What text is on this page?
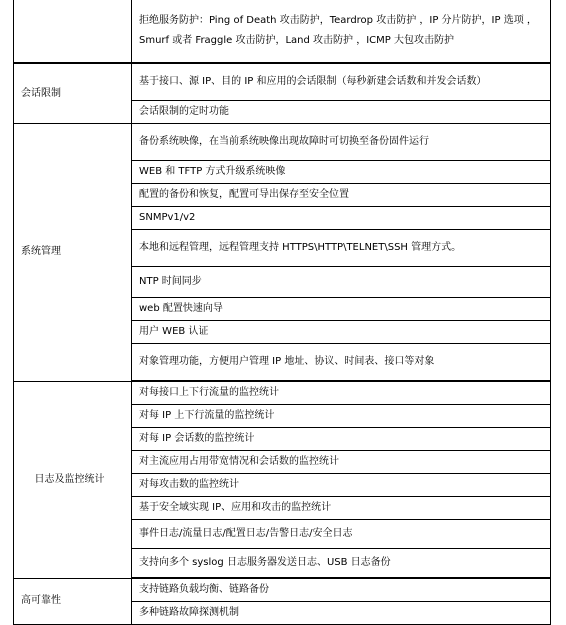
	拒绝服务防护：Ping of Death 攻击防护，Teardrop 攻击防护 ，IP 分片防护，IP 选项 ，Smurf 或者 Fraggle 攻击防护，Land 攻击防护 ，ICMP 大包攻击防护
会话限制	基于接口、源 IP、目的 IP 和应用的会话限制（每秒新建会话数和并发会话数）
	会话限制的定时功能
系统管理	备份系统映像，在当前系统映像出现故障时可切换至备份固件运行
	WEB 和 TFTP 方式升级系统映像
	配置的备份和恢复，配置可导出保存至安全位置
	SNMPv1/v2
	本地和远程管理，远程管理支持 HTTPS\HTTP\TELNET\SSH 管理方式。
	NTP 时间同步
	web 配置快速向导
	用户 WEB 认证
	对象管理功能，方便用户管理 IP 地址、协议、时间表、接口等对象
日志及监控统计	对每接口上下行流量的监控统计
	对每 IP 上下行流量的监控统计
	对每 IP 会话数的监控统计
	对主流应用占用带宽情况和会话数的监控统计
	对每攻击数的监控统计
	基于安全域实现 IP、应用和攻击的监控统计
	事件日志/流量日志/配置日志/告警日志/安全日志
	支持向多个 syslog 日志服务器发送日志、USB 日志备份
高可靠性	支持链路负载均衡、链路备份
	多种链路故障探测机制
